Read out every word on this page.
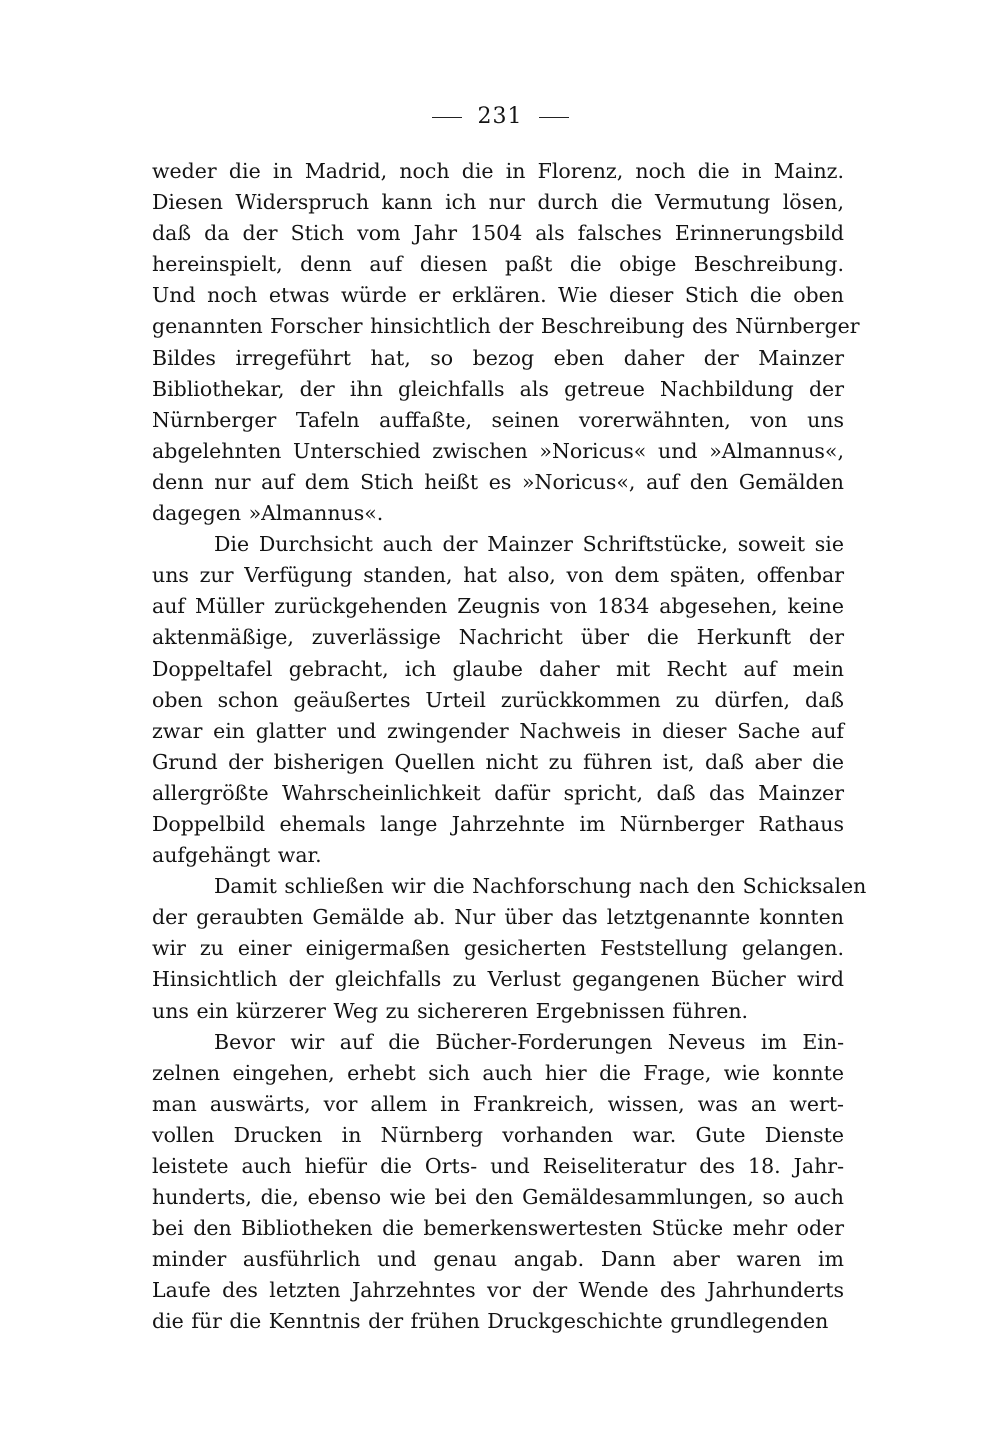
231
weder die in Madrid, noch die in Florenz, noch die in Mainz.
Diesen Widerspruch kann ich nur durch die Vermutung lösen,
daß da der Stich vom Jahr 1504 als falsches Erinnerungsbild
hereinspielt, denn auf diesen paßt die obige Beschreibung.
Und noch etwas würde er erklären. Wie dieser Stich die oben
genannten Forscher hinsichtlich der Beschreibung des Nürnberger
Bildes irregeführt hat, so bezog eben daher der Mainzer
Bibliothekar, der ihn gleichfalls als getreue Nachbildung der
Nürnberger Tafeln auffaßte, seinen vorerwähnten, von uns
abgelehnten Unterschied zwischen »Noricus« und »Almannus«,
denn nur auf dem Stich heißt es »Noricus«, auf den Gemälden
dagegen »Almannus«.
Die Durchsicht auch der Mainzer Schriftstücke, soweit sie
uns zur Verfügung standen, hat also, von dem späten, offenbar
auf Müller zurückgehenden Zeugnis von 1834 abgesehen, keine
aktenmäßige, zuverlässige Nachricht über die Herkunft der
Doppeltafel gebracht, ich glaube daher mit Recht auf mein
oben schon geäußertes Urteil zurückkommen zu dürfen, daß
zwar ein glatter und zwingender Nachweis in dieser Sache auf
Grund der bisherigen Quellen nicht zu führen ist, daß aber die
allergrößte Wahrscheinlichkeit dafür spricht, daß das Mainzer
Doppelbild ehemals lange Jahrzehnte im Nürnberger Rathaus
aufgehängt war.
Damit schließen wir die Nachforschung nach den Schicksalen
der geraubten Gemälde ab. Nur über das letztgenannte konnten
wir zu einer einigermaßen gesicherten Feststellung gelangen.
Hinsichtlich der gleichfalls zu Verlust gegangenen Bücher wird
uns ein kürzerer Weg zu sichereren Ergebnissen führen.
Bevor wir auf die Bücher-Forderungen Neveus im Ein-
zelnen eingehen, erhebt sich auch hier die Frage, wie konnte
man auswärts, vor allem in Frankreich, wissen, was an wert-
vollen Drucken in Nürnberg vorhanden war. Gute Dienste
leistete auch hiefür die Orts- und Reiseliteratur des 18. Jahr-
hunderts, die, ebenso wie bei den Gemäldesammlungen, so auch
bei den Bibliotheken die bemerkenswertesten Stücke mehr oder
minder ausführlich und genau angab. Dann aber waren im
Laufe des letzten Jahrzehntes vor der Wende des Jahrhunderts
die für die Kenntnis der frühen Druckgeschichte grundlegenden
